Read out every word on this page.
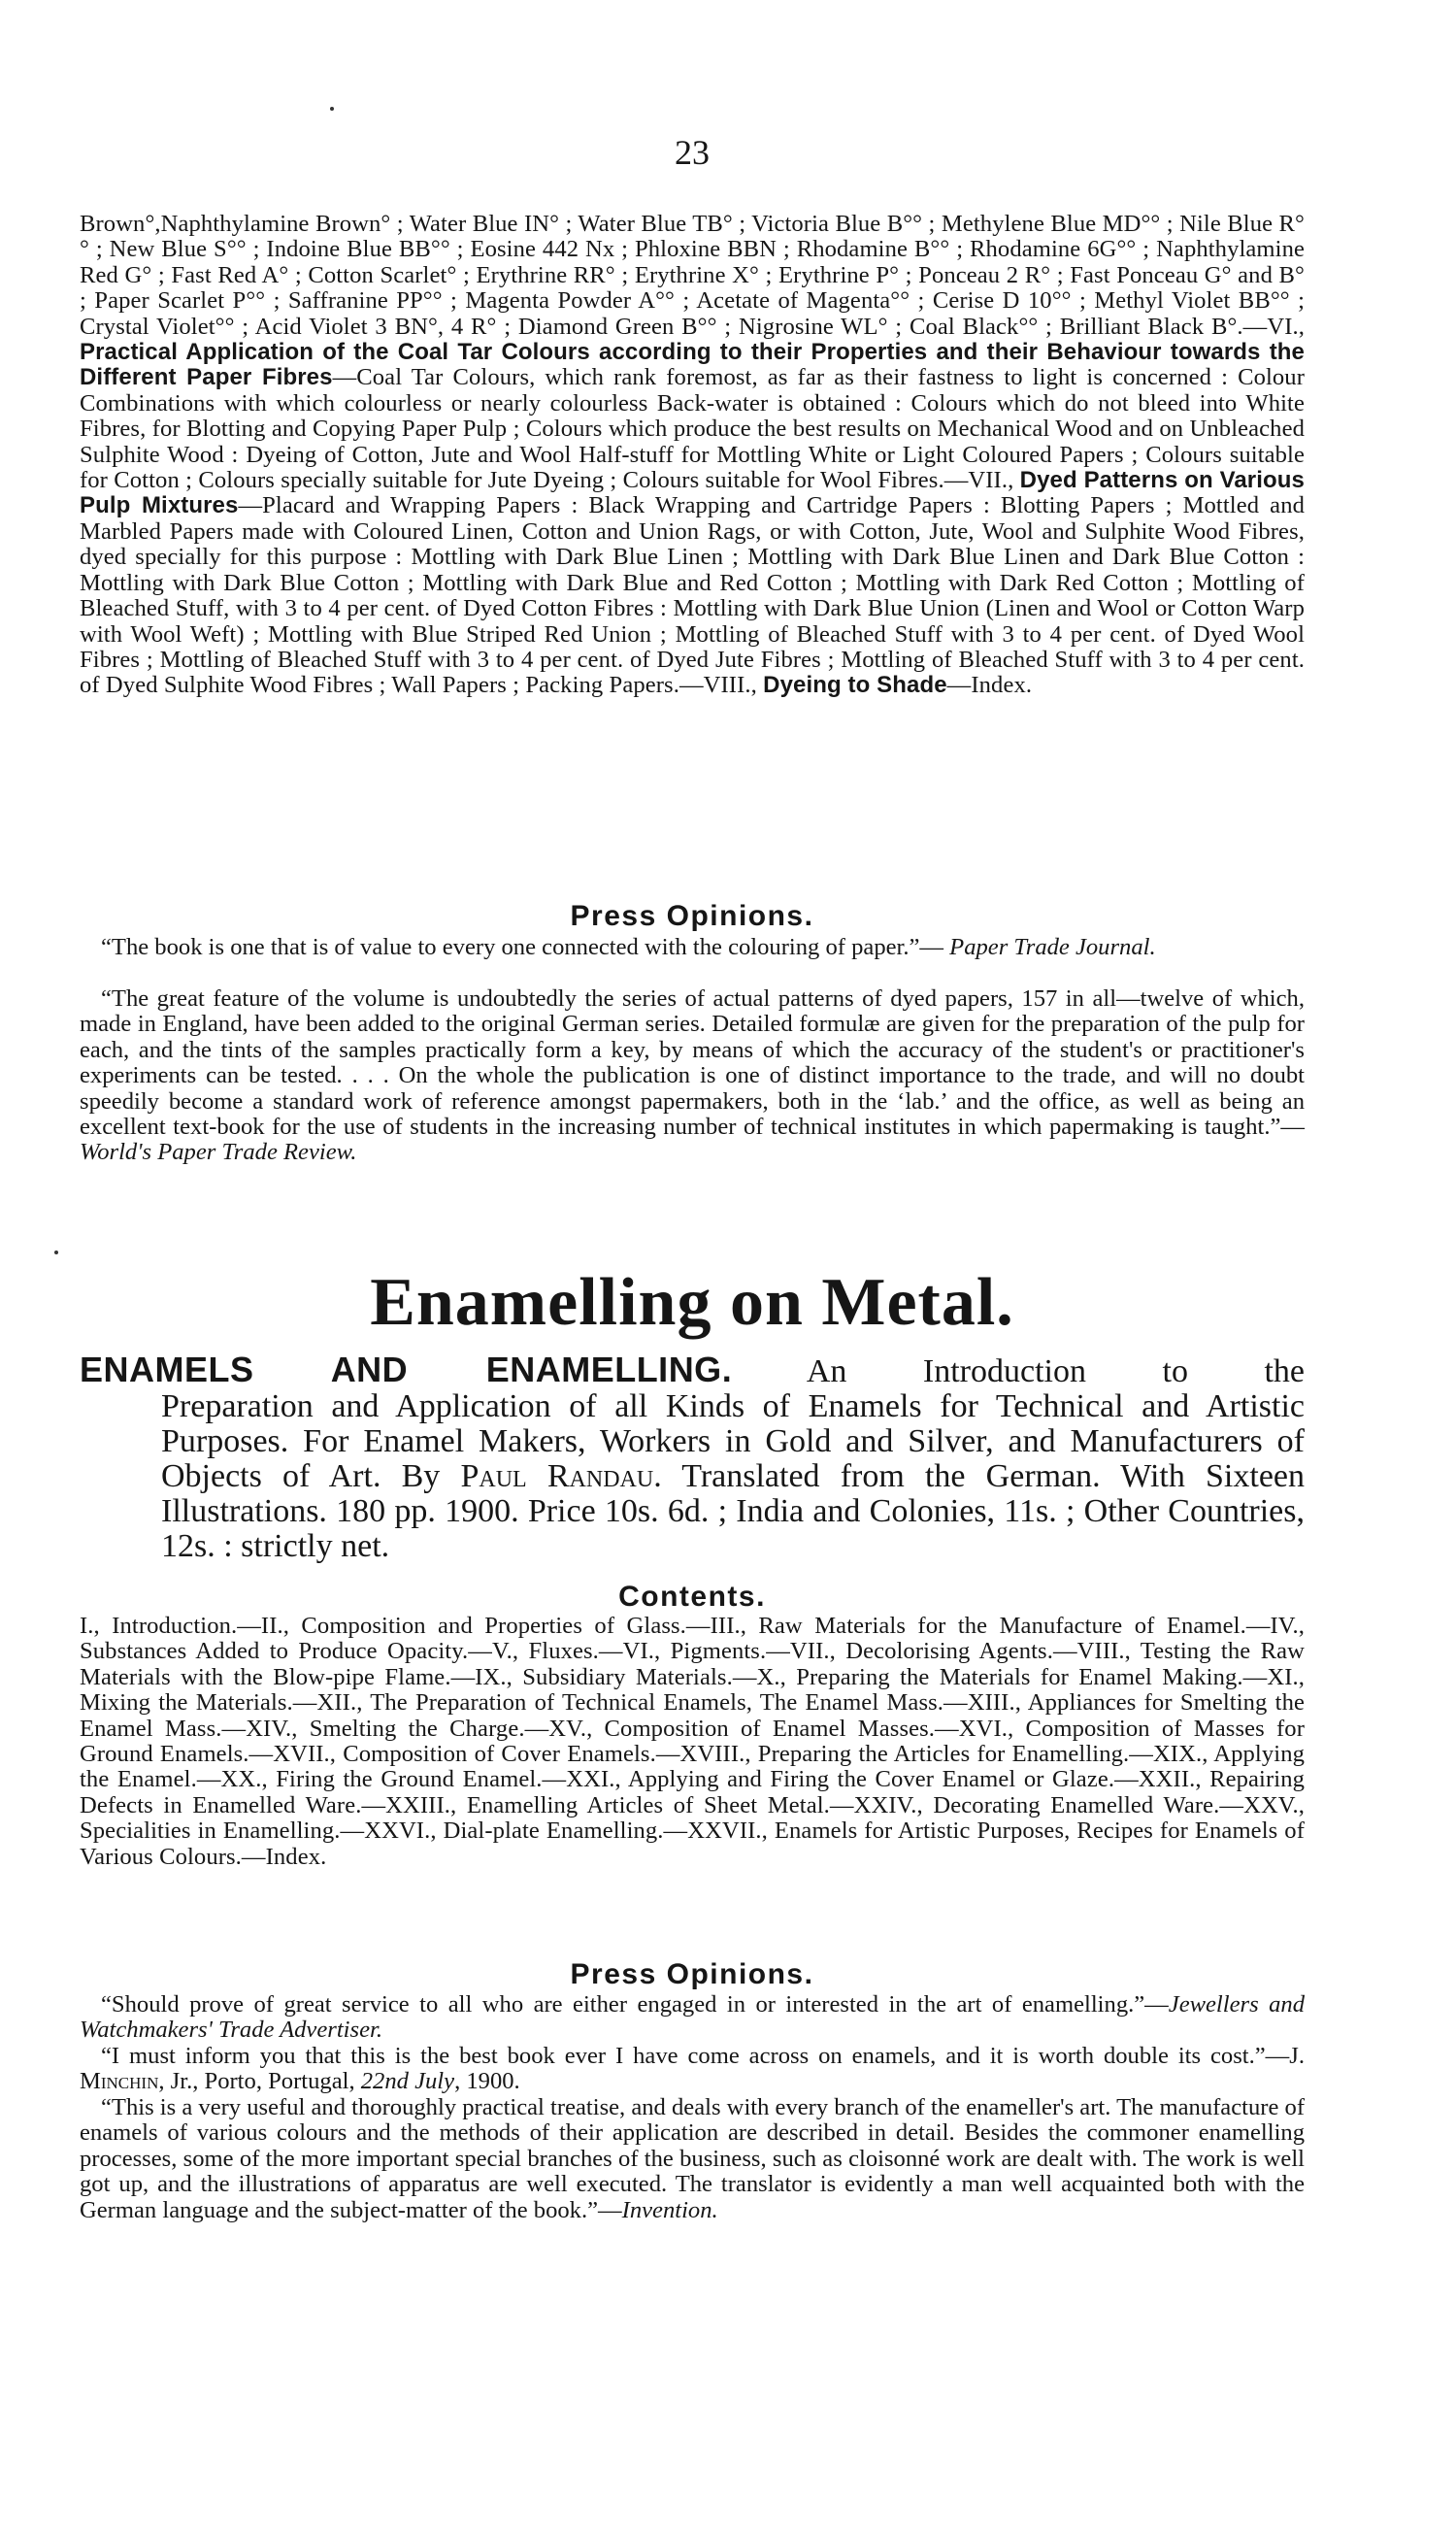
23
Brown°,Naphthylamine Brown° ; Water Blue IN° ; Water Blue TB° ; Victoria Blue B°° ; Methylene Blue MD°° ; Nile Blue R°° ; New Blue S°° ; Indoine Blue BB°° ; Eosine 442 Nx ; Phloxine BBN ; Rhodamine B°° ; Rhodamine 6G°° ; Naphthylamine Red G° ; Fast Red A° ; Cotton Scarlet° ; Erythrine RR° ; Erythrine X° ; Erythrine P° ; Ponceau 2 R° ; Fast Ponceau G° and B° ; Paper Scarlet P°° ; Saffranine PP°° ; Magenta Powder A°° ; Acetate of Magenta°° ; Cerise D 10°° ; Methyl Violet BB°° ; Crystal Violet°° ; Acid Violet 3 BN°, 4 R° ; Diamond Green B°° ; Nigrosine WL° ; Coal Black°° ; Brilliant Black B°.—VI., Practical Application of the Coal Tar Colours according to their Properties and their Behaviour towards the Different Paper Fibres—Coal Tar Colours, which rank foremost, as far as their fastness to light is concerned : Colour Combinations with which colourless or nearly colourless Back-water is obtained : Colours which do not bleed into White Fibres, for Blotting and Copying Paper Pulp ; Colours which produce the best results on Mechanical Wood and on Unbleached Sulphite Wood : Dyeing of Cotton, Jute and Wool Half-stuff for Mottling White or Light Coloured Papers ; Colours suitable for Cotton ; Colours specially suitable for Jute Dyeing ; Colours suitable for Wool Fibres.—VII., Dyed Patterns on Various Pulp Mixtures—Placard and Wrapping Papers : Black Wrapping and Cartridge Papers : Blotting Papers ; Mottled and Marbled Papers made with Coloured Linen, Cotton and Union Rags, or with Cotton, Jute, Wool and Sulphite Wood Fibres, dyed specially for this purpose : Mottling with Dark Blue Linen ; Mottling with Dark Blue Linen and Dark Blue Cotton : Mottling with Dark Blue Cotton ; Mottling with Dark Blue and Red Cotton ; Mottling with Dark Red Cotton ; Mottling of Bleached Stuff, with 3 to 4 per cent. of Dyed Cotton Fibres : Mottling with Dark Blue Union (Linen and Wool or Cotton Warp with Wool Weft) ; Mottling with Blue Striped Red Union ; Mottling of Bleached Stuff with 3 to 4 per cent. of Dyed Wool Fibres ; Mottling of Bleached Stuff with 3 to 4 per cent. of Dyed Jute Fibres ; Mottling of Bleached Stuff with 3 to 4 per cent. of Dyed Sulphite Wood Fibres ; Wall Papers ; Packing Papers.—VIII., Dyeing to Shade—Index.
Press Opinions.
“The book is one that is of value to every one connected with the colouring of paper.”— Paper Trade Journal.
“The great feature of the volume is undoubtedly the series of actual patterns of dyed papers, 157 in all—twelve of which, made in England, have been added to the original German series. Detailed formulæ are given for the preparation of the pulp for each, and the tints of the samples practically form a key, by means of which the accuracy of the student's or practitioner's experiments can be tested. . . . On the whole the publication is one of distinct importance to the trade, and will no doubt speedily become a standard work of reference amongst papermakers, both in the ‘lab.’ and the office, as well as being an excellent text-book for the use of students in the increasing number of technical institutes in which papermaking is taught.”—World's Paper Trade Review.
Enamelling on Metal.
ENAMELS AND ENAMELLING. An Introduction to the
Preparation and Application of all Kinds of Enamels for Technical and Artistic Purposes. For Enamel Makers, Workers in Gold and Silver, and Manufacturers of Objects of Art. By Paul Randau. Translated from the German. With Sixteen Illustrations. 180 pp. 1900. Price 10s. 6d. ; India and Colonies, 11s. ; Other Countries, 12s. : strictly net.
Contents.
I., Introduction.—II., Composition and Properties of Glass.—III., Raw Materials for the Manufacture of Enamel.—IV., Substances Added to Produce Opacity.—V., Fluxes.—VI., Pigments.—VII., Decolorising Agents.—VIII., Testing the Raw Materials with the Blow-pipe Flame.—IX., Subsidiary Materials.—X., Preparing the Materials for Enamel Making.—XI., Mixing the Materials.—XII., The Preparation of Technical Enamels, The Enamel Mass.—XIII., Appliances for Smelting the Enamel Mass.—XIV., Smelting the Charge.—XV., Composition of Enamel Masses.—XVI., Composition of Masses for Ground Enamels.—XVII., Composition of Cover Enamels.—XVIII., Preparing the Articles for Enamelling.—XIX., Applying the Enamel.—XX., Firing the Ground Enamel.—XXI., Applying and Firing the Cover Enamel or Glaze.—XXII., Repairing Defects in Enamelled Ware.—XXIII., Enamelling Articles of Sheet Metal.—XXIV., Decorating Enamelled Ware.—XXV., Specialities in Enamelling.—XXVI., Dial-plate Enamelling.—XXVII., Enamels for Artistic Purposes, Recipes for Enamels of Various Colours.—Index.
Press Opinions.
“Should prove of great service to all who are either engaged in or interested in the art of enamelling.”—Jewellers and Watchmakers' Trade Advertiser.
“I must inform you that this is the best book ever I have come across on enamels, and it is worth double its cost.”—J. Minchin, Jr., Porto, Portugal, 22nd July, 1900.
“This is a very useful and thoroughly practical treatise, and deals with every branch of the enameller's art. The manufacture of enamels of various colours and the methods of their application are described in detail. Besides the commoner enamelling processes, some of the more important special branches of the business, such as cloisonné work are dealt with. The work is well got up, and the illustrations of apparatus are well executed. The translator is evidently a man well acquainted both with the German language and the subject-matter of the book.”—Invention.
